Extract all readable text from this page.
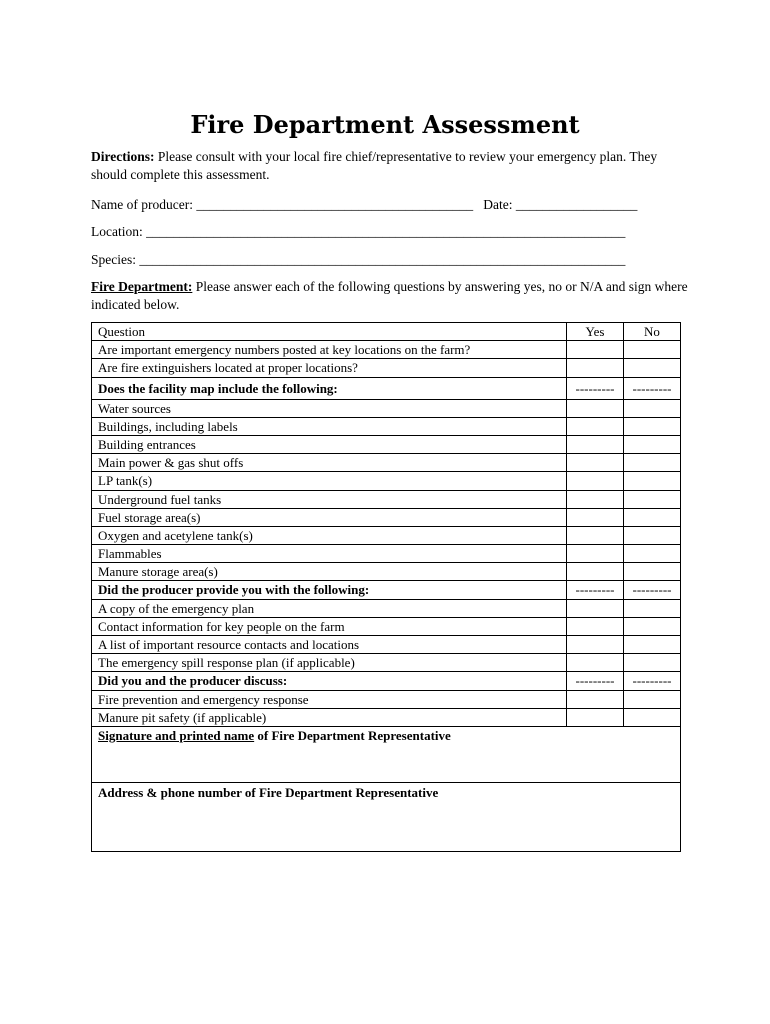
Fire Department Assessment

Directions: Please consult with your local fire chief/representative to review your emergency plan. They should complete this assessment.

Name of producer: _________________________________________ Date: __________________
Location: _______________________________________________________________________
Species: ________________________________________________________________________

Fire Department: Please answer each of the following questions by answering yes, no or N/A and sign where indicated below.

Question	Yes	No
Are important emergency numbers posted at key locations on the farm?		
Are fire extinguishers located at proper locations?		
Does the facility map include the following:	---------	---------
Water sources		
Buildings, including labels		
Building entrances		
Main power & gas shut offs		
LP tank(s)		
Underground fuel tanks		
Fuel storage area(s)		
Oxygen and acetylene tank(s)		
Flammables		
Manure storage area(s)		
Did the producer provide you with the following:	---------	---------
A copy of the emergency plan		
Contact information for key people on the farm		
A list of important resource contacts and locations		
The emergency spill response plan (if applicable)		
Did you and the producer discuss:	---------	---------
Fire prevention and emergency response		
Manure pit safety (if applicable)		
Signature and printed name of Fire Department Representative		
Address & phone number of Fire Department Representative		
